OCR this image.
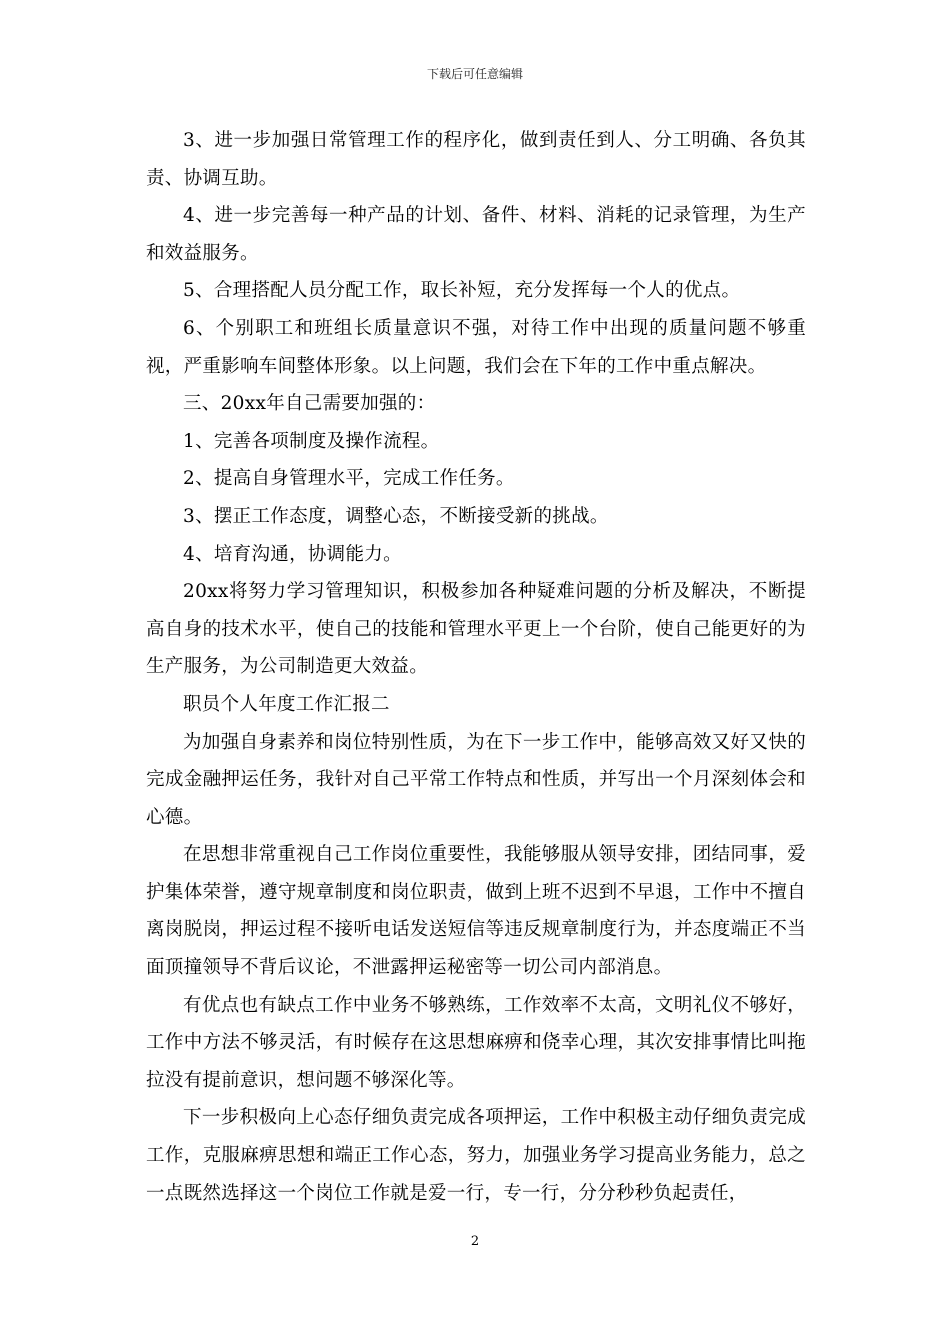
下载后可任意编辑

3、进一步加强日常管理工作的程序化，做到责任到人、分工明确、各负其责、协调互助。

4、进一步完善每一种产品的计划、备件、材料、消耗的记录管理，为生产和效益服务。

5、合理搭配人员分配工作，取长补短，充分发挥每一个人的优点。

6、个别职工和班组长质量意识不强，对待工作中出现的质量问题不够重视，严重影响车间整体形象。以上问题，我们会在下年的工作中重点解决。

三、20xx年自己需要加强的：

1、完善各项制度及操作流程。

2、提高自身管理水平，完成工作任务。

3、摆正工作态度，调整心态，不断接受新的挑战。

4、培育沟通，协调能力。

20xx将努力学习管理知识，积极参加各种疑难问题的分析及解决，不断提高自身的技术水平，使自己的技能和管理水平更上一个台阶，使自己能更好的为生产服务，为公司制造更大效益。

职员个人年度工作汇报二

为加强自身素养和岗位特别性质，为在下一步工作中，能够高效又好又快的完成金融押运任务，我针对自己平常工作特点和性质，并写出一个月深刻体会和心德。

在思想非常重视自己工作岗位重要性，我能够服从领导安排，团结同事，爱护集体荣誉，遵守规章制度和岗位职责，做到上班不迟到不早退，工作中不擅自离岗脱岗，押运过程不接听电话发送短信等违反规章制度行为，并态度端正不当面顶撞领导不背后议论，不泄露押运秘密等一切公司内部消息。

有优点也有缺点工作中业务不够熟练，工作效率不太高，文明礼仪不够好，工作中方法不够灵活，有时候存在这思想麻痹和侥幸心理，其次安排事情比叫拖拉没有提前意识，想问题不够深化等。

下一步积极向上心态仔细负责完成各项押运，工作中积极主动仔细负责完成工作，克服麻痹思想和端正工作心态，努力，加强业务学习提高业务能力，总之一点既然选择这一个岗位工作就是爱一行，专一行，分分秒秒负起责任，

2
